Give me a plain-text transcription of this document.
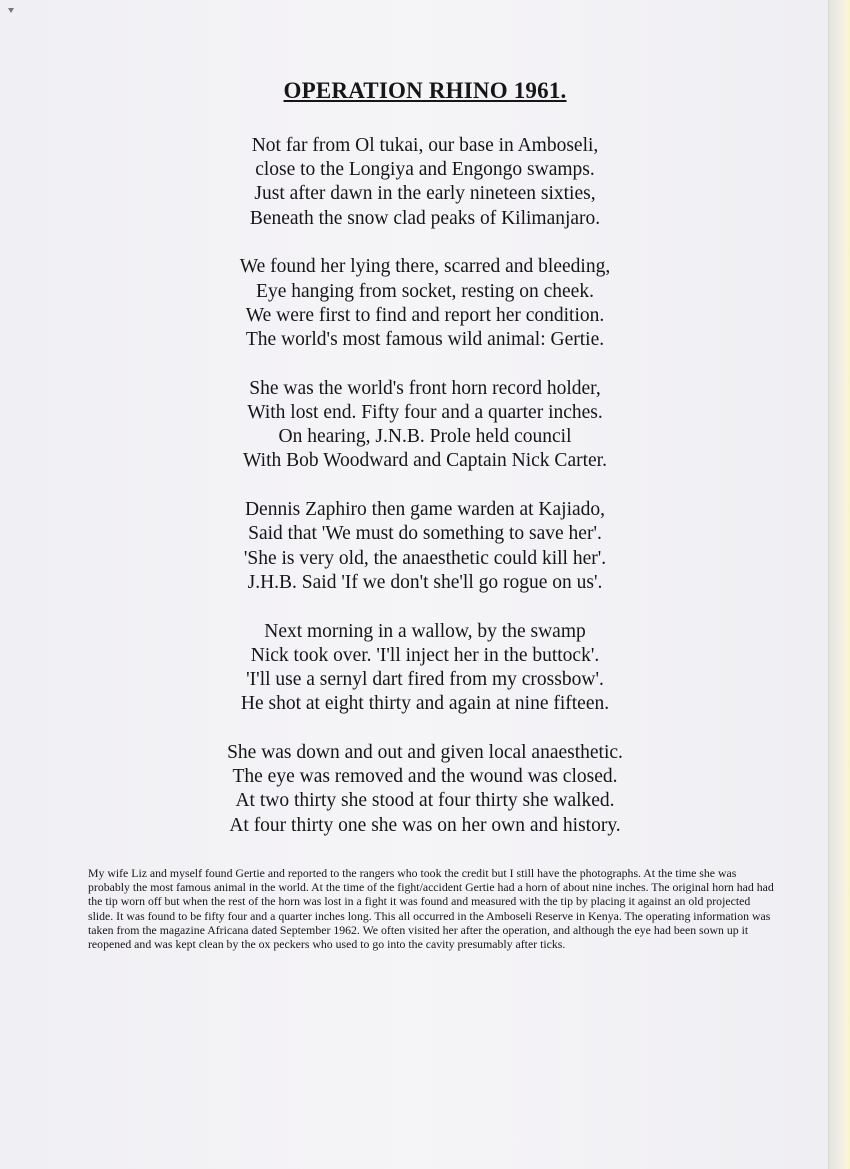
OPERATION RHINO 1961.
Not far from Ol tukai, our base in Amboseli,
close to the Longiya and Engongo swamps.
Just after dawn in the early nineteen sixties,
Beneath the snow clad peaks of Kilimanjaro.
We found her lying there, scarred and bleeding,
Eye hanging from socket, resting on cheek.
We were first to find and report her condition.
The world's most famous wild animal: Gertie.
She was the world's front horn record holder,
With lost end. Fifty four and a quarter inches.
On hearing, J.N.B. Prole held council
With Bob Woodward and Captain Nick Carter.
Dennis Zaphiro then game warden at Kajiado,
Said that 'We must do something to save her'.
'She is very old, the anaesthetic could kill her'.
J.H.B. Said 'If we don't she'll go rogue on us'.
Next morning in a wallow, by the swamp
Nick took over. 'I'll inject her in the buttock'.
'I'll use a sernyl dart fired from my crossbow'.
He shot at eight thirty and again at nine fifteen.
She was down and out and given local anaesthetic.
The eye was removed and the wound was closed.
At two thirty she stood at four thirty she walked.
At four thirty one she was on her own and history.
My wife Liz and myself found Gertie and reported to the rangers who took the credit but I still have the photographs. At the time she was probably the most famous animal in the world. At the time of the fight/accident Gertie had a horn of about nine inches. The original horn had had the tip worn off but when the rest of the horn was lost in a fight it was found and measured with the tip by placing it against an old projected slide. It was found to be fifty four and a quarter inches long. This all occurred in the Amboseli Reserve in Kenya. The operating information was taken from the magazine Africana dated September 1962. We often visited her after the operation, and although the eye had been sown up it reopened and was kept clean by the ox peckers who used to go into the cavity presumably after ticks.
